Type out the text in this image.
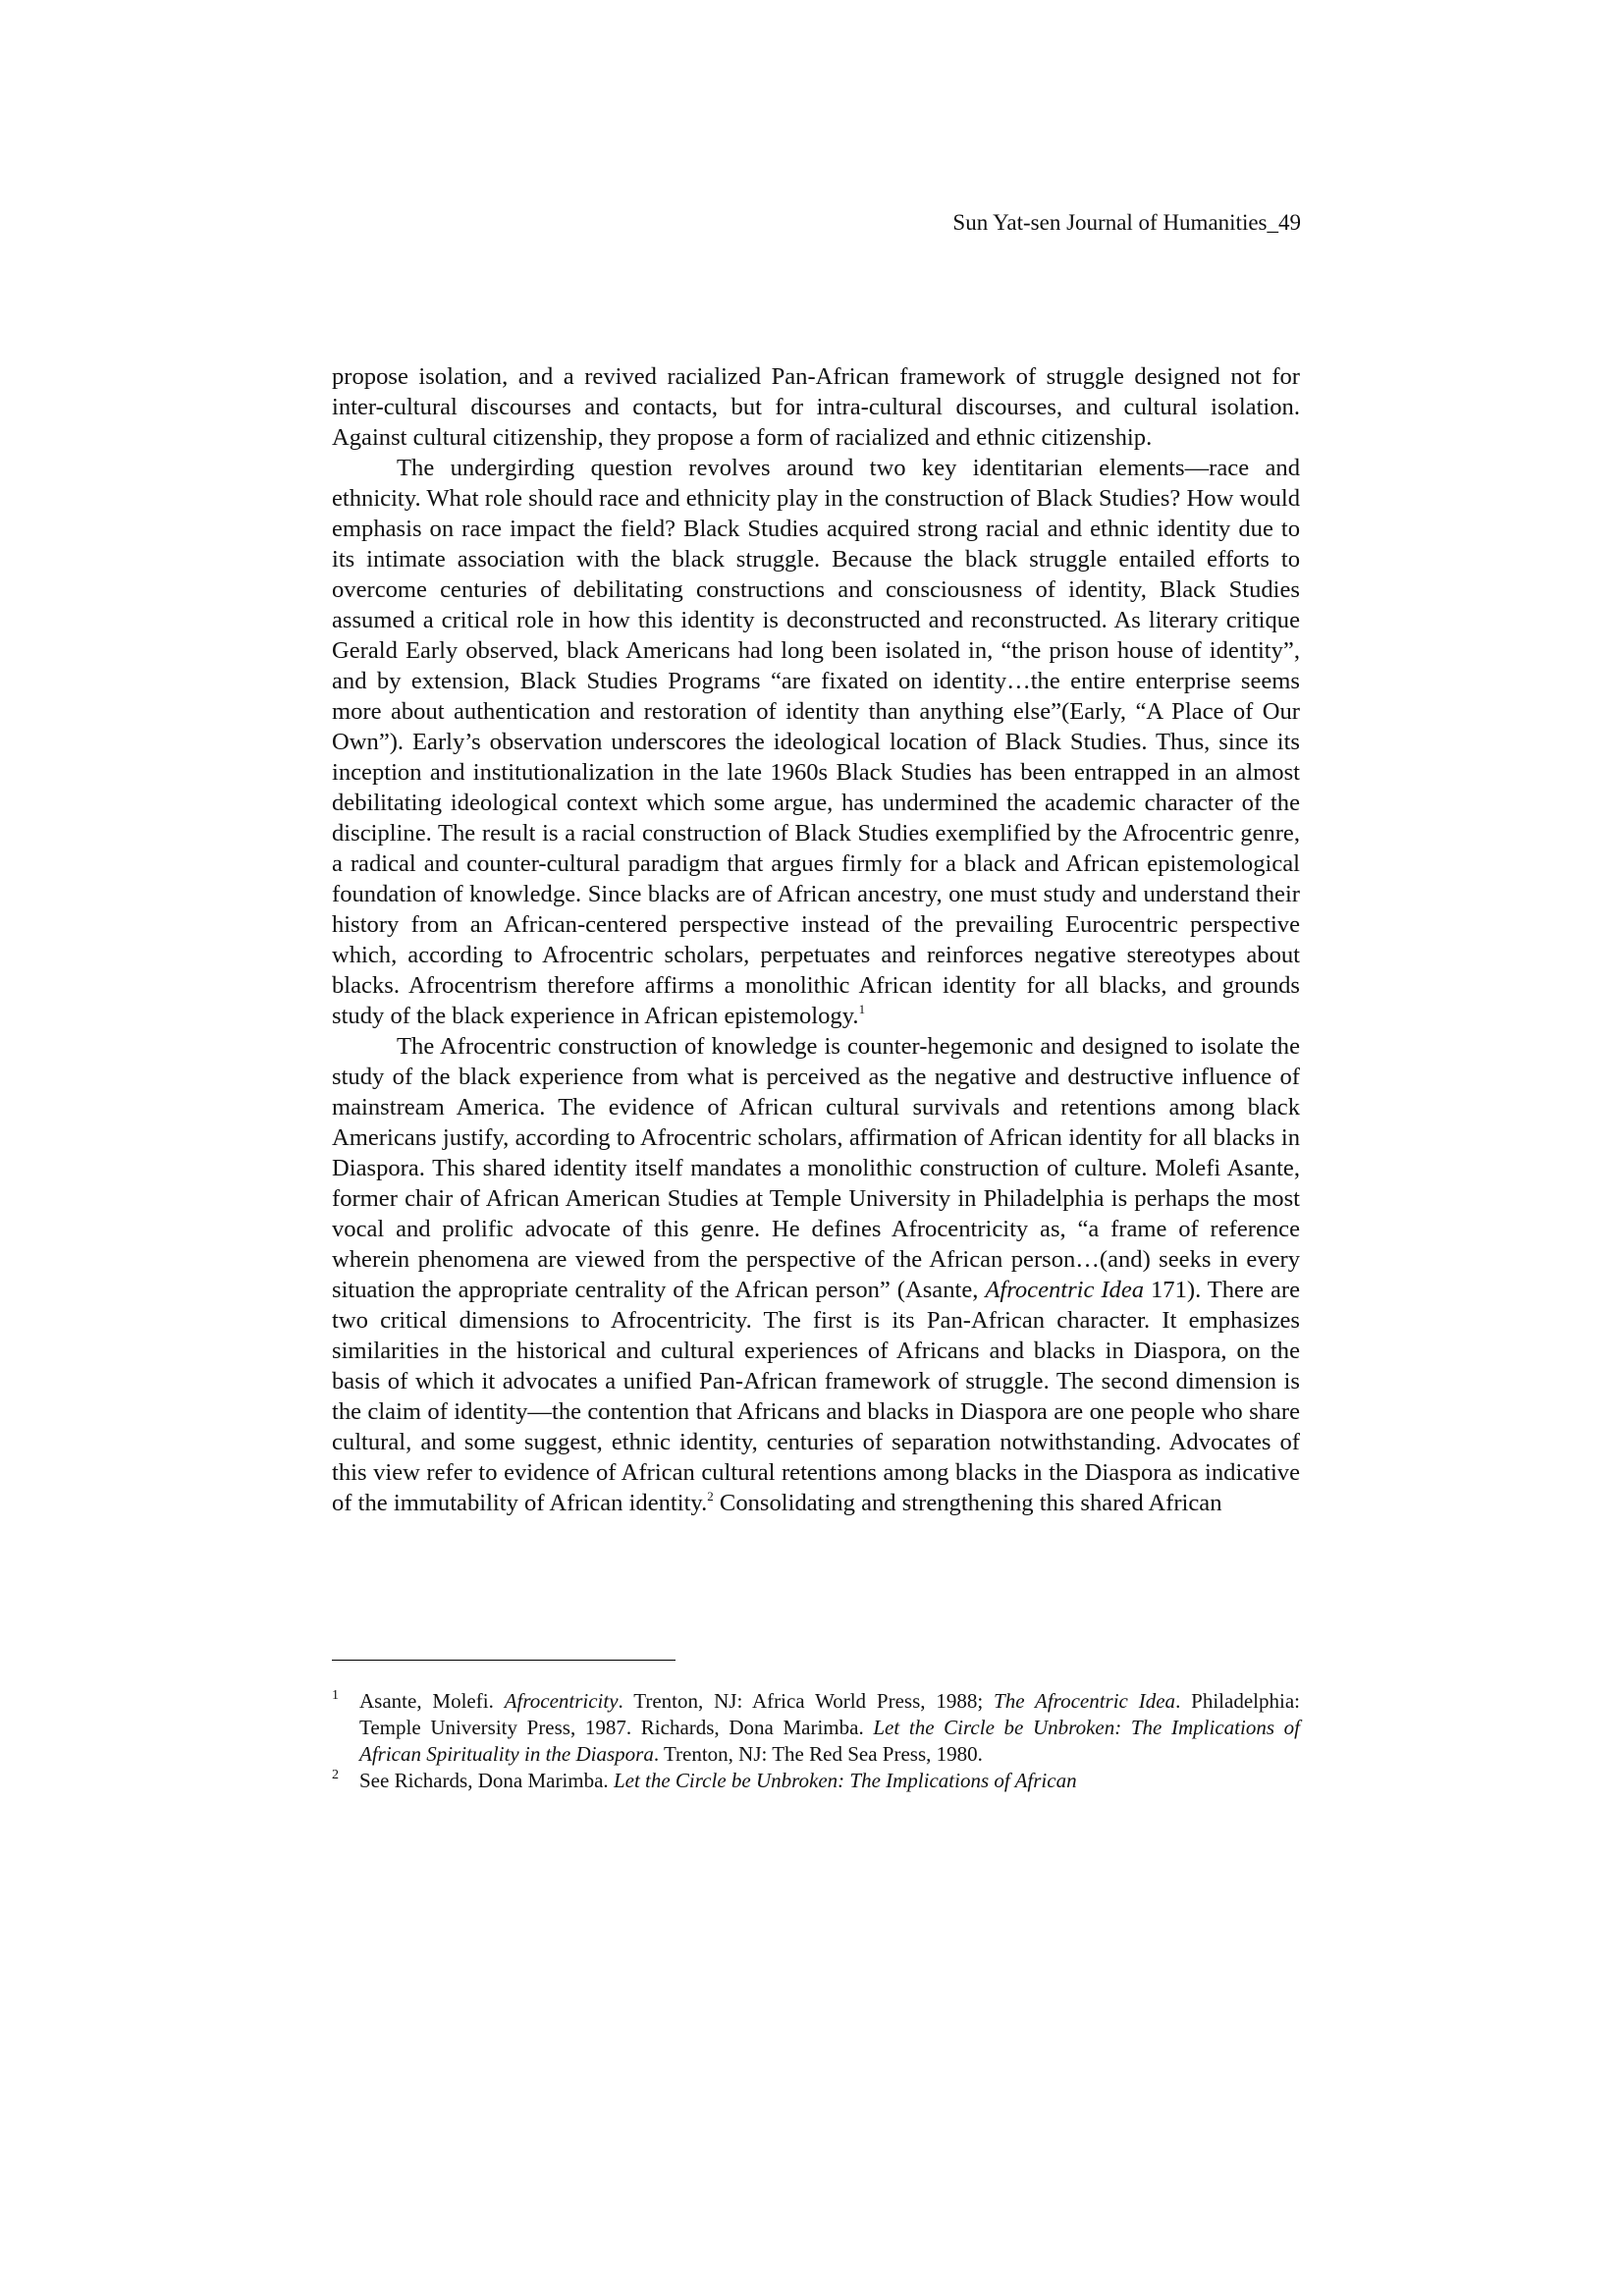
Sun Yat-sen Journal of Humanities_49

propose isolation, and a revived racialized Pan-African framework of struggle designed not for inter-cultural discourses and contacts, but for intra-cultural discourses, and cultural isolation. Against cultural citizenship, they propose a form of racialized and ethnic citizenship.

The undergirding question revolves around two key identitarian elements—race and ethnicity. What role should race and ethnicity play in the construction of Black Studies? How would emphasis on race impact the field? Black Studies acquired strong racial and ethnic identity due to its intimate association with the black struggle. Because the black struggle entailed efforts to overcome centuries of debilitating constructions and consciousness of identity, Black Studies assumed a critical role in how this identity is deconstructed and reconstructed. As literary critique Gerald Early observed, black Americans had long been isolated in, “the prison house of identity”, and by extension, Black Studies Programs “are fixated on identity…the entire enterprise seems more about authentication and restoration of identity than anything else”(Early, “A Place of Our Own”). Early’s observation underscores the ideological location of Black Studies. Thus, since its inception and institutionalization in the late 1960s Black Studies has been entrapped in an almost debilitating ideological context which some argue, has undermined the academic character of the discipline. The result is a racial construction of Black Studies exemplified by the Afrocentric genre, a radical and counter-cultural paradigm that argues firmly for a black and African epistemological foundation of knowledge. Since blacks are of African ancestry, one must study and understand their history from an African-centered perspective instead of the prevailing Eurocentric perspective which, according to Afrocentric scholars, perpetuates and reinforces negative stereotypes about blacks. Afrocentrism therefore affirms a monolithic African identity for all blacks, and grounds study of the black experience in African epistemology.$^1$

The Afrocentric construction of knowledge is counter-hegemonic and designed to isolate the study of the black experience from what is perceived as the negative and destructive influence of mainstream America. The evidence of African cultural survivals and retentions among black Americans justify, according to Afrocentric scholars, affirmation of African identity for all blacks in Diaspora. This shared identity itself mandates a monolithic construction of culture. Molefi Asante, former chair of African American Studies at Temple University in Philadelphia is perhaps the most vocal and prolific advocate of this genre. He defines Afrocentricity as, “a frame of reference wherein phenomena are viewed from the perspective of the African person…(and) seeks in every situation the appropriate centrality of the African person” (Asante, Afrocentric Idea 171). There are two critical dimensions to Afrocentricity. The first is its Pan-African character. It emphasizes similarities in the historical and cultural experiences of Africans and blacks in Diaspora, on the basis of which it advocates a unified Pan-African framework of struggle. The second dimension is the claim of identity—the contention that Africans and blacks in Diaspora are one people who share cultural, and some suggest, ethnic identity, centuries of separation notwithstanding. Advocates of this view refer to evidence of African cultural retentions among blacks in the Diaspora as indicative of the immutability of African identity.$^2$ Consolidating and strengthening this shared African

$^1$	Asante, Molefi. Afrocentricity. Trenton, NJ: Africa World Press, 1988; The Afrocentric Idea. Philadelphia: Temple University Press, 1987. Richards, Dona Marimba. Let the Circle be Unbroken: The Implications of African Spirituality in the Diaspora. Trenton, NJ: The Red Sea Press, 1980.
$^2$	See Richards, Dona Marimba. Let the Circle be Unbroken: The Implications of African
